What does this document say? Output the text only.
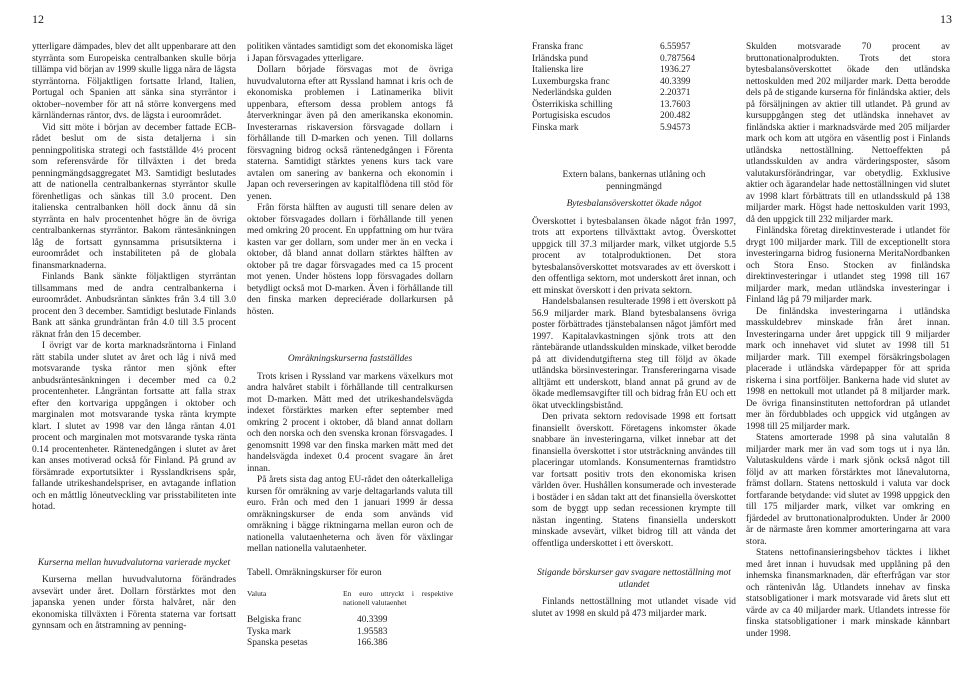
12	13

ytterligare dämpades, blev det allt uppenbarare att den styrränta som Europeiska centralbanken skulle börja tillämpa vid början av 1999 skulle ligga nära de lägsta styrräntorna. Följaktligen fortsatte Irland, Italien, Portugal och Spanien att sänka sina styrräntor i oktober–november för att nå större konvergens med kärnländernas räntor, dvs. de lägsta i euroområdet.

Vid sitt möte i början av december fattade ECB-rådet beslut om de sista detaljerna i sin penningpolitiska strategi och fastställde 4½ procent som referensvärde för tillväxten i det breda penningmängdsaggregatet M3. Samtidigt beslutades att de nationella centralbankernas styrräntor skulle förenhetligas och sänkas till 3.0 procent. Den italienska centralbanken höll dock ännu då sin styrränta en halv procentenhet högre än de övriga centralbankernas styrräntor. Bakom räntesänkningen låg de fortsatt gynnsamma prisutsikterna i euroområdet och instabiliteten på de globala finansmarknaderna.

Finlands Bank sänkte följaktligen styrräntan tillsammans med de andra centralbankerna i euroområdet. Anbudsräntan sänktes från 3.4 till 3.0 procent den 3 december. Samtidigt beslutade Finlands Bank att sänka grundräntan från 4.0 till 3.5 procent räknat från den 15 december.

I övrigt var de korta marknadsräntorna i Finland rätt stabila under slutet av året och låg i nivå med motsvarande tyska räntor men sjönk efter anbudsräntesänkningen i december med ca 0.2 procentenheter. Långräntan fortsatte att falla strax efter den kortvariga uppgången i oktober och marginalen mot motsvarande tyska ränta krympte klart. I slutet av 1998 var den långa räntan 4.01 procent och marginalen mot motsvarande tyska ränta 0.14 procentenheter. Räntenedgången i slutet av året kan anses motiverad också för Finland. På grund av försämrade exportutsikter i Rysslandkrisens spår, fallande utrikeshandelspriser, en avtagande inflation och en måttlig löneutveckling var prisstabiliteten inte hotad.

Kurserna mellan huvudvalutorna varierade mycket

Kurserna mellan huvudvalutorna förändrades avsevärt under året. Dollarn förstärktes mot den japanska yenen under första halvåret, när den ekonomiska tillväxten i Förenta staterna var fortsatt gynnsam och en åtstramning av penning-

politiken väntades samtidigt som det ekonomiska läget i Japan försvagades ytterligare.

Dollarn började försvagas mot de övriga huvudvalutorna efter att Ryssland hamnat i kris och de ekonomiska problemen i Latinamerika blivit uppenbara, eftersom dessa problem antogs få återverkningar även på den amerikanska ekonomin. Investerarnas riskaversion försvagade dollarn i förhållande till D-marken och yenen. Till dollarns försvagning bidrog också räntenedgången i Förenta staterna. Samtidigt stärktes yenens kurs tack vare avtalen om sanering av bankerna och ekonomin i Japan och reverseringen av kapitalflödena till stöd för yenen.

Från första hälften av augusti till senare delen av oktober försvagades dollarn i förhållande till yenen med omkring 20 procent. En uppfattning om hur tvära kasten var ger dollarn, som under mer än en vecka i oktober, då bland annat dollarn stärktes hälften av oktober på tre dagar försvagades med ca 15 procent mot yenen. Under höstens lopp försvagades dollarn betydligt också mot D-marken. Även i förhållande till den finska marken depreciérade dollarkursen på hösten.

Omräkningskurserna fastställdes

Trots krisen i Ryssland var markens växelkurs mot andra halvåret stabilt i förhållande till centralkursen mot D-marken. Mätt med det utrikeshandelsvägda indexet förstärktes marken efter september med omkring 2 procent i oktober, då bland annat dollarn och den norska och den svenska kronan försvagades. I genomsnitt 1998 var den finska marken mätt med det handelsvägda indexet 0.4 procent svagare än året innan.

På årets sista dag antog EU-rådet den oåterkalleliga kursen för omräkning av varje deltagarlands valuta till euro. Från och med den 1 januari 1999 är dessa omräkningskurser de enda som används vid omräkning i bägge riktningarna mellan euron och de nationella valutaenheterna och även för växlingar mellan nationella valutaenheter.

Tabell. Omräkningskurser för euron

Valuta	En euro uttryckt i respektive nationell valutaenhet

Belgiska franc	40.3399
Tyska mark	1.95583
Spanska pesetas	166.386
Franska franc	6.55957
Irländska pund	0.787564
Italienska lire	1936.27
Luxemburgska franc	40.3399
Nederländska gulden	2.20371
Österrikiska schilling	13.7603
Portugisiska escudos	200.482
Finska mark	5.94573

Extern balans, bankernas utlåning och penningmängd

Bytesbalansöverskottet ökade något

Överskottet i bytesbalansen ökade något från 1997, trots att exportens tillväxttakt avtog. Överskottet uppgick till 37.3 miljarder mark, vilket utgjorde 5.5 procent av totalproduktionen. Det stora bytesbalansöverskottet motsvarades av ett överskott i den offentliga sektorn, mot underskott året innan, och ett minskat överskott i den privata sektorn.

Handelsbalansen resulterade 1998 i ett överskott på 56.9 miljarder mark. Bland bytesbalansens övriga poster förbättrades tjänstebalansen något jämfört med 1997. Kapitalavkastningen sjönk trots att den räntebärande utlandsskulden minskade, vilket berodde på att dividendutgifterna steg till följd av ökade utländska börsinvesteringar. Transfereringarna visade alltjämt ett underskott, bland annat på grund av de ökade medlemsavgifter till och bidrag från EU och ett ökat utvecklingsbistånd.

Den privata sektorn redovisade 1998 ett fortsatt finansiellt överskott. Företagens inkomster ökade snabbare än investeringarna, vilket innebar att det finansiella överskottet i stor utsträckning användes till placeringar utomlands. Konsumenternas framtidstro var fortsatt positiv trots den ekonomiska krisen världen över. Hushållen konsumerade och investerade i bostäder i en sådan takt att det finansiella överskottet som de byggt upp sedan recessionen krympte till nästan ingenting. Statens finansiella underskott minskade avsevärt, vilket bidrog till att vända det offentliga underskottet i ett överskott.

Stigande börskurser gav svagare nettoställning mot utlandet

Finlands nettoställning mot utlandet visade vid slutet av 1998 en skuld på 473 miljarder mark.

Skulden motsvarade 70 procent av bruttonationalprodukten. Trots det stora bytesbalansöverskottet ökade den utländska nettoskulden med 202 miljarder mark. Detta berodde dels på de stigande kurserna för finländska aktier, dels på försäljningen av aktier till utlandet. På grund av kursuppgången steg det utländska innehavet av finländska aktier i marknadsvärde med 205 miljarder mark och kom att utgöra en väsentlig post i Finlands utländska nettoställning. Nettoeffekten på utlandsskulden av andra värderingsposter, såsom valutakursförändringar, var obetydlig. Exklusive aktier och ägarandelar hade nettoställningen vid slutet av 1998 klart förbättrats till en utlandsskuld på 138 miljarder mark. Högst hade nettoskulden varit 1993, då den uppgick till 232 miljarder mark.

Finländska företag direktinvesterade i utlandet för drygt 100 miljarder mark. Till de exceptionellt stora investeringarna bidrog fusionerna MeritaNordbanken och Stora Enso. Stocken av finländska direktinvesteringar i utlandet steg 1998 till 167 miljarder mark, medan utländska investeringar i Finland låg på 79 miljarder mark.

De finländska investeringarna i utländska masskuldebrev minskade från året innan. Investeringarna under året uppgick till 9 miljarder mark och innehavet vid slutet av 1998 till 51 miljarder mark. Till exempel försäkringsbolagen placerade i utländska värdepapper för att sprida riskerna i sina portföljer. Bankerna hade vid slutet av 1998 en nettokull mot utlandet på 8 miljarder mark. De övriga finansinstituten nettofordran på utlandet mer än fördubblades och uppgick vid utgången av 1998 till 25 miljarder mark.

Statens amorterade 1998 på sina valutalån 8 miljarder mark mer än vad som togs ut i nya lån. Valutaskuldens värde i mark sjönk också något till följd av att marken förstärktes mot lånevalutorna, främst dollarn. Statens nettoskuld i valuta var dock fortfarande betydande: vid slutet av 1998 uppgick den till 175 miljarder mark, vilket var omkring en fjärdedel av bruttonationalprodukten. Under år 2000 är de närmaste åren kommer amorteringarna att vara stora.

Statens nettofinansieringsbehov täcktes i likhet med året innan i huvudsak med upplåning på den inhemska finansmarknaden, där efterfrågan var stor och räntenivån låg. Utlandets innehav av finska statsobligationer i mark motsvarade vid årets slut ett värde av ca 40 miljarder mark. Utlandets intresse för finska statsobligationer i mark minskade kännbart under 1998.
